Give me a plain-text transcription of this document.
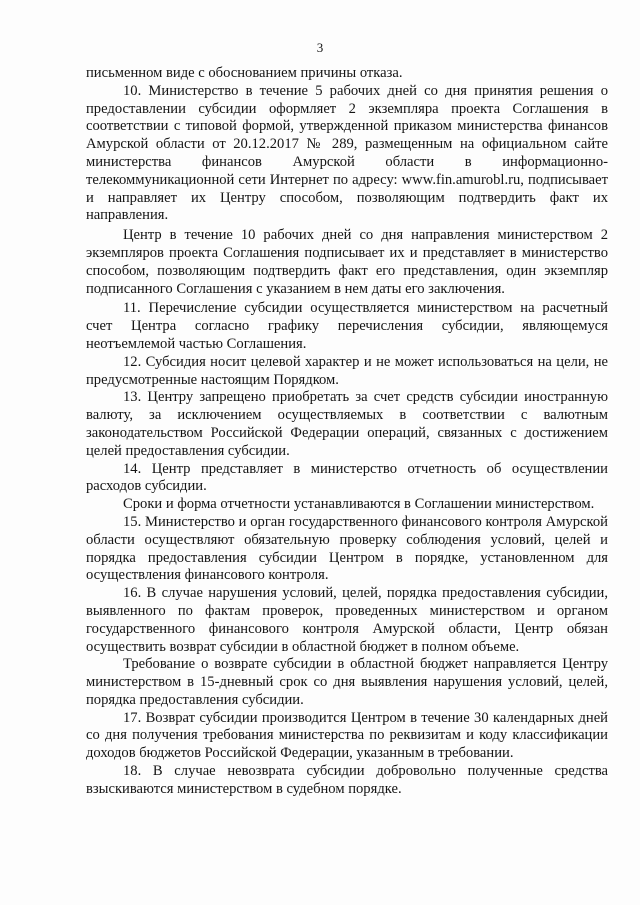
3

письменном виде с обоснованием причины отказа.

10. Министерство в течение 5 рабочих дней со дня принятия решения о предоставлении субсидии оформляет 2 экземпляра проекта Соглашения в соответствии с типовой формой, утвержденной приказом министерства финансов Амурской области от 20.12.2017 № 289, размещенным на официальном сайте министерства финансов Амурской области в информационно-телекоммуникационной сети Интернет по адресу: www.fin.amurobl.ru, подписывает и направляет их Центру способом, позволяющим подтвердить факт их направления.

Центр в течение 10 рабочих дней со дня направления министерством 2 экземпляров проекта Соглашения подписывает их и представляет в министерство способом, позволяющим подтвердить факт его представления, один экземпляр подписанного Соглашения с указанием в нем даты его заключения.

11. Перечисление субсидии осуществляется министерством на расчетный счет Центра согласно графику перечисления субсидии, являющемуся неотъемлемой частью Соглашения.

12. Субсидия носит целевой характер и не может использоваться на цели, не предусмотренные настоящим Порядком.

13. Центру запрещено приобретать за счет средств субсидии иностранную валюту, за исключением осуществляемых в соответствии с валютным законодательством Российской Федерации операций, связанных с достижением целей предоставления субсидии.

14. Центр представляет в министерство отчетность об осуществлении расходов субсидии.

Сроки и форма отчетности устанавливаются в Соглашении министерством.

15. Министерство и орган государственного финансового контроля Амурской области осуществляют обязательную проверку соблюдения условий, целей и порядка предоставления субсидии Центром в порядке, установленном для осуществления финансового контроля.

16. В случае нарушения условий, целей, порядка предоставления субсидии, выявленного по фактам проверок, проведенных министерством и органом государственного финансового контроля Амурской области, Центр обязан осуществить возврат субсидии в областной бюджет в полном объеме.

Требование о возврате субсидии в областной бюджет направляется Центру министерством в 15-дневный срок со дня выявления нарушения условий, целей, порядка предоставления субсидии.

17. Возврат субсидии производится Центром в течение 30 календарных дней со дня получения требования министерства по реквизитам и коду классификации доходов бюджетов Российской Федерации, указанным в требовании.

18. В случае невозврата субсидии добровольно полученные средства взыскиваются министерством в судебном порядке.
